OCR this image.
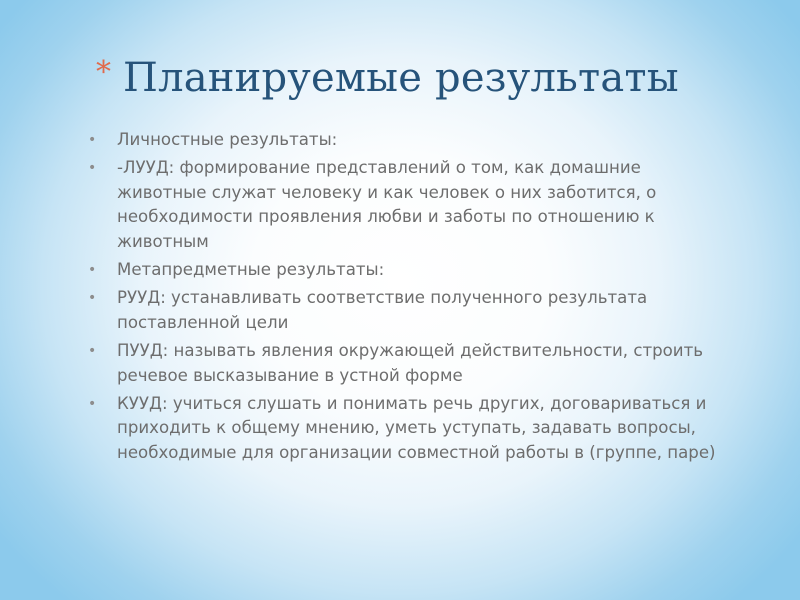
* Планируемые результаты
• Личностные результаты:
• -ЛУУД: формирование представлений о том, как домашние животные служат человеку и как человек о них заботится, о необходимости проявления любви и заботы по отношению к животным
• Метапредметные результаты:
• РУУД: устанавливать соответствие полученного результата поставленной цели
• ПУУД: называть явления окружающей действительности, строить речевое высказывание в устной форме
• КУУД: учиться слушать и понимать речь других, договариваться и приходить к общему мнению, уметь уступать, задавать вопросы, необходимые для организации совместной работы в (группе, паре)
